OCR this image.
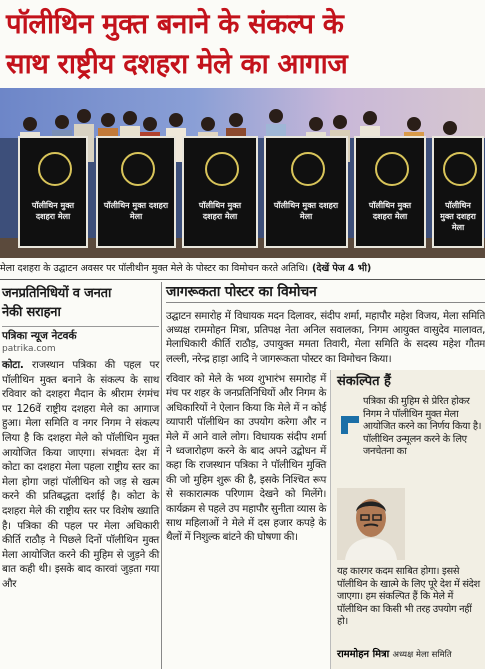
पॉलीथिन मुक्त बनाने के संकल्प के
साथ राष्ट्रीय दशहरा मेले का आगाज
पॉलीथिन मुक्त दशहरा मेला
पॉलीथिन मुक्त दशहरा मेला
पॉलीथिन मुक्त दशहरा मेला
पॉलीथिन मुक्त दशहरा मेला
पॉलीथिन मुक्त दशहरा मेला
पॉलीथिन मुक्त दशहरा मेला
मेला दशहरा के उद्घाटन अवसर पर पॉलीथीन मुक्त मेले के पोस्टर का विमोचन करते अतिथि। (देखें पेज 4 भी)
जनप्रतिनिधियों व जनता
नेकी सराहना
पत्रिका न्यूज नेटवर्क
patrika.com
कोटा. राजस्थान पत्रिका की पहल पर पॉलीथिन मुक्त बनाने के संकल्प के साथ रविवार को दशहरा मैदान के श्रीराम रंगमंच पर 126वें राष्ट्रीय दशहरा मेले का आगाज हुआ। मेला समिति व नगर निगम ने संकल्प लिया है कि दशहरा मेले को पॉलीथिन मुक्त आयोजित किया जाएगा। संभवतः देश में कोटा का दशहरा मेला पहला राष्ट्रीय स्तर का मेला होगा जहां पॉलीथिन को जड़ से खत्म करने की प्रतिबद्धता दर्शाई है। कोटा के दशहरा मेले की राष्ट्रीय स्तर पर विशेष ख्याति है। पत्रिका की पहल पर मेला अधिकारी कीर्ति राठौड़ ने पिछले दिनों पॉलीथिन मुक्त मेला आयोजित करने की मुहिम से जुड़ने की बात कही थी। इसके बाद कारवां जुड़ता गया और
जागरूकता पोस्टर का विमोचन
उद्घाटन समारोह में विधायक मदन दिलावर, संदीप शर्मा, महापौर महेश विजय, मेला समिति अध्यक्ष राममोहन मित्रा, प्रतिपक्ष नेता अनिल सवालका, निगम आयुक्त वासुदेव मालावत, मेलाधिकारी कीर्ति राठौड़, उपायुक्त ममता तिवारी, मेला समिति के सदस्य महेश गौतम लल्ली, नरेन्द्र हाड़ा आदि ने जागरूकता पोस्टर का विमोचन किया।
रविवार को मेले के भव्य शुभारंभ समारोह में मंच पर शहर के जनप्रतिनिधियों और निगम के अधिकारियों ने ऐलान किया कि मेले में न कोई व्यापारी पॉलीथिन का उपयोग करेगा और न मेले में आने वाले लोग। विधायक संदीप शर्मा ने ध्वजारोहण करने के बाद अपने उद्बोधन में कहा कि राजस्थान पत्रिका ने पॉलीथिन मुक्ति की जो मुहिम शुरू की है, इसके निश्चित रूप से सकारात्मक परिणाम देखने को मिलेंगे। कार्यक्रम से पहले उप महापौर सुनीता व्यास के साथ महिलाओं ने मेले में दस हजार कपड़े के थैलों में निशुल्क बांटने की घोषणा की।
संकल्पित हैं
पत्रिका की मुहिम से प्रेरित होकर निगम ने पॉलीथिन मुक्त मेला आयोजित करने का निर्णय किया है। पॉलीथिन उन्मूलन करने के लिए जनचेतना का
यह कारगर कदम साबित होगा। इससे पॉलीथिन के खात्मे के लिए पूरे देश में संदेश जाएगा। हम संकल्पित हैं कि मेले में पॉलीथिन का किसी भी तरह उपयोग नहीं हो।
राममोहन मित्रा अध्यक्ष मेला समिति
